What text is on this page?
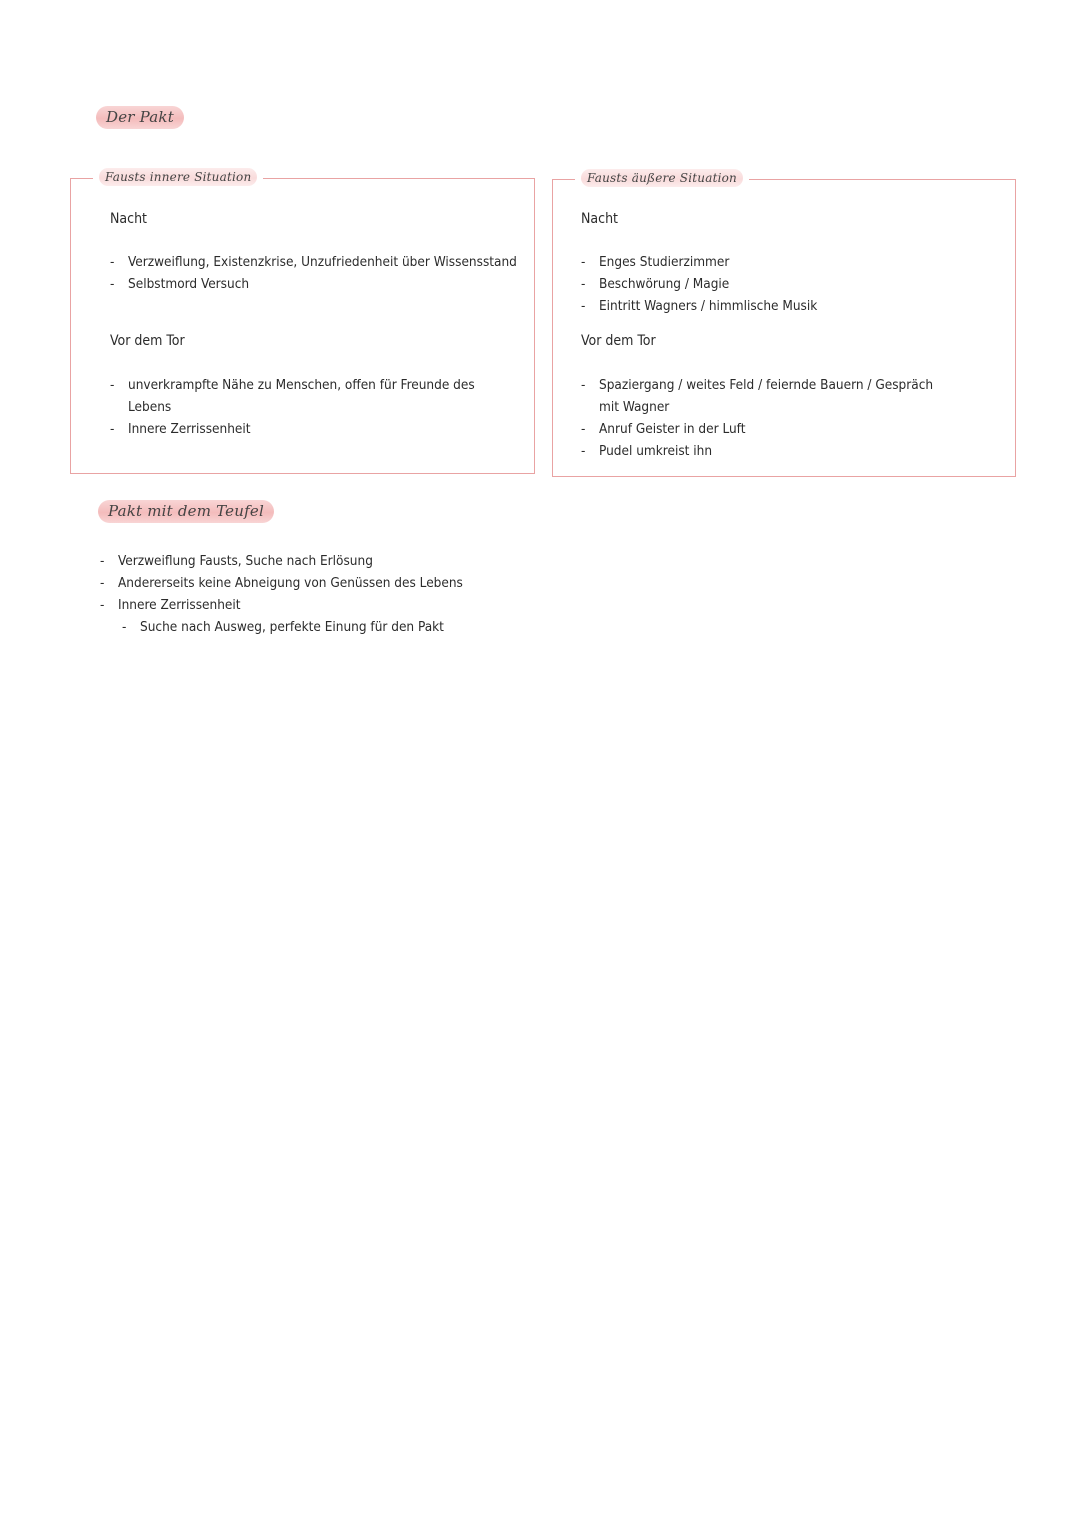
Der Pakt
Fausts innere Situation
Nacht
- Verzweiflung, Existenzkrise, Unzufriedenheit über Wissensstand
- Selbstmord Versuch
Vor dem Tor
- unverkrampfte Nähe zu Menschen, offen für Freunde des Lebens
- Innere Zerrissenheit
Fausts äußere Situation
Nacht
- Enges Studierzimmer
- Beschwörung / Magie
- Eintritt Wagners / himmlische Musik
Vor dem Tor
- Spaziergang / weites Feld / feiernde Bauern / Gespräch mit Wagner
- Anruf Geister in der Luft
- Pudel umkreist ihn
Pakt mit dem Teufel
- Verzweiflung Fausts, Suche nach Erlösung
- Andererseits keine Abneigung von Genüssen des Lebens
- Innere Zerrissenheit
- Suche nach Ausweg, perfekte Einung für den Pakt
